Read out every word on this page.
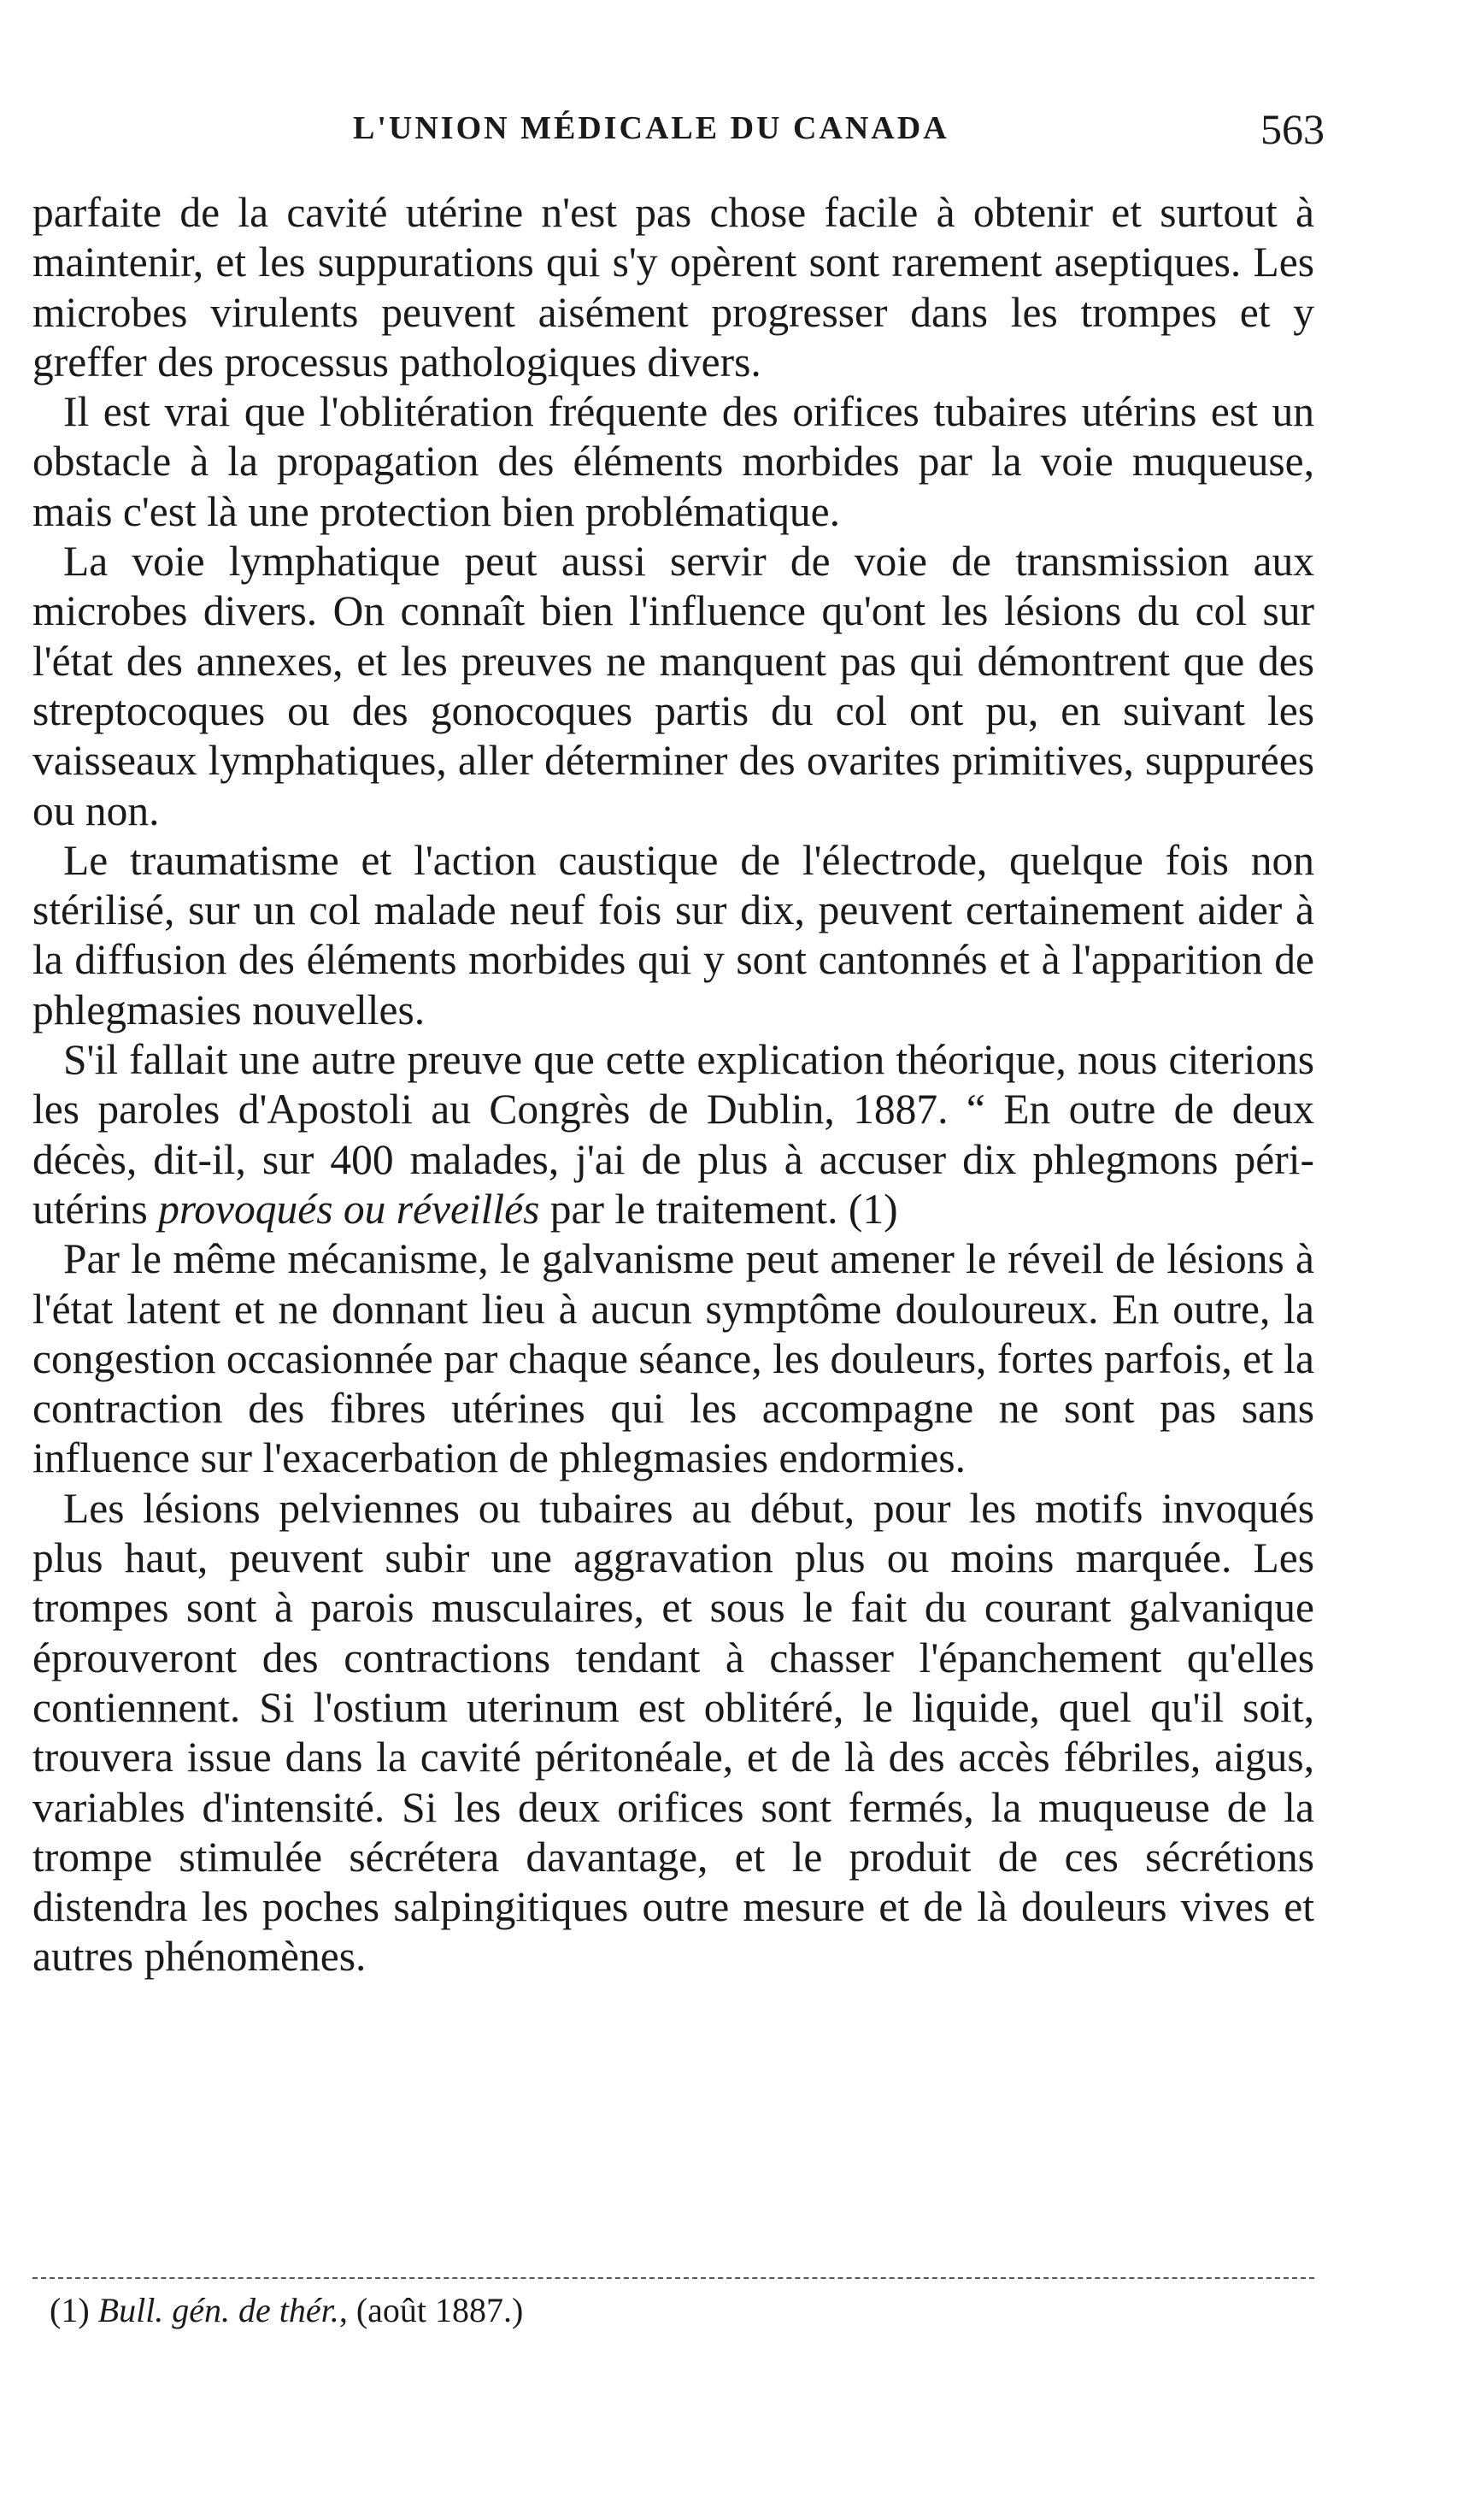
L'UNION MÉDICALE DU CANADA	563

parfaite de la cavité utérine n'est pas chose facile à obtenir et surtout à maintenir, et les suppurations qui s'y opèrent sont rarement aseptiques. Les microbes virulents peuvent aisément progresser dans les trompes et y greffer des processus pathologiques divers.

Il est vrai que l'oblitération fréquente des orifices tubaires utérins est un obstacle à la propagation des éléments morbides par la voie muqueuse, mais c'est là une protection bien problématique.

La voie lymphatique peut aussi servir de voie de transmission aux microbes divers. On connaît bien l'influence qu'ont les lésions du col sur l'état des annexes, et les preuves ne manquent pas qui démontrent que des streptocoques ou des gonocoques partis du col ont pu, en suivant les vaisseaux lymphatiques, aller déterminer des ovarites primitives, suppurées ou non.

Le traumatisme et l'action caustique de l'électrode, quelque fois non stérilisé, sur un col malade neuf fois sur dix, peuvent certainement aider à la diffusion des éléments morbides qui y sont cantonnés et à l'apparition de phlegmasies nouvelles.

S'il fallait une autre preuve que cette explication théorique, nous citerions les paroles d'Apostoli au Congrès de Dublin, 1887. “ En outre de deux décès, dit-il, sur 400 malades, j'ai de plus à accuser dix phlegmons péri-utérins provoqués ou réveillés par le traitement. (1)

Par le même mécanisme, le galvanisme peut amener le réveil de lésions à l'état latent et ne donnant lieu à aucun symptôme douloureux. En outre, la congestion occasionnée par chaque séance, les douleurs, fortes parfois, et la contraction des fibres utérines qui les accompagne ne sont pas sans influence sur l'exacerbation de phlegmasies endormies.

Les lésions pelviennes ou tubaires au début, pour les motifs invoqués plus haut, peuvent subir une aggravation plus ou moins marquée. Les trompes sont à parois musculaires, et sous le fait du courant galvanique éprouveront des contractions tendant à chasser l'épanchement qu'elles contiennent. Si l'ostium uterinum est oblitéré, le liquide, quel qu'il soit, trouvera issue dans la cavité péritonéale, et de là des accès fébriles, aigus, variables d'intensité. Si les deux orifices sont fermés, la muqueuse de la trompe stimulée sécrétera davantage, et le produit de ces sécrétions distendra les poches salpingitiques outre mesure et de là douleurs vives et autres phénomènes.

(1) Bull. gén. de thér., (août 1887.)
